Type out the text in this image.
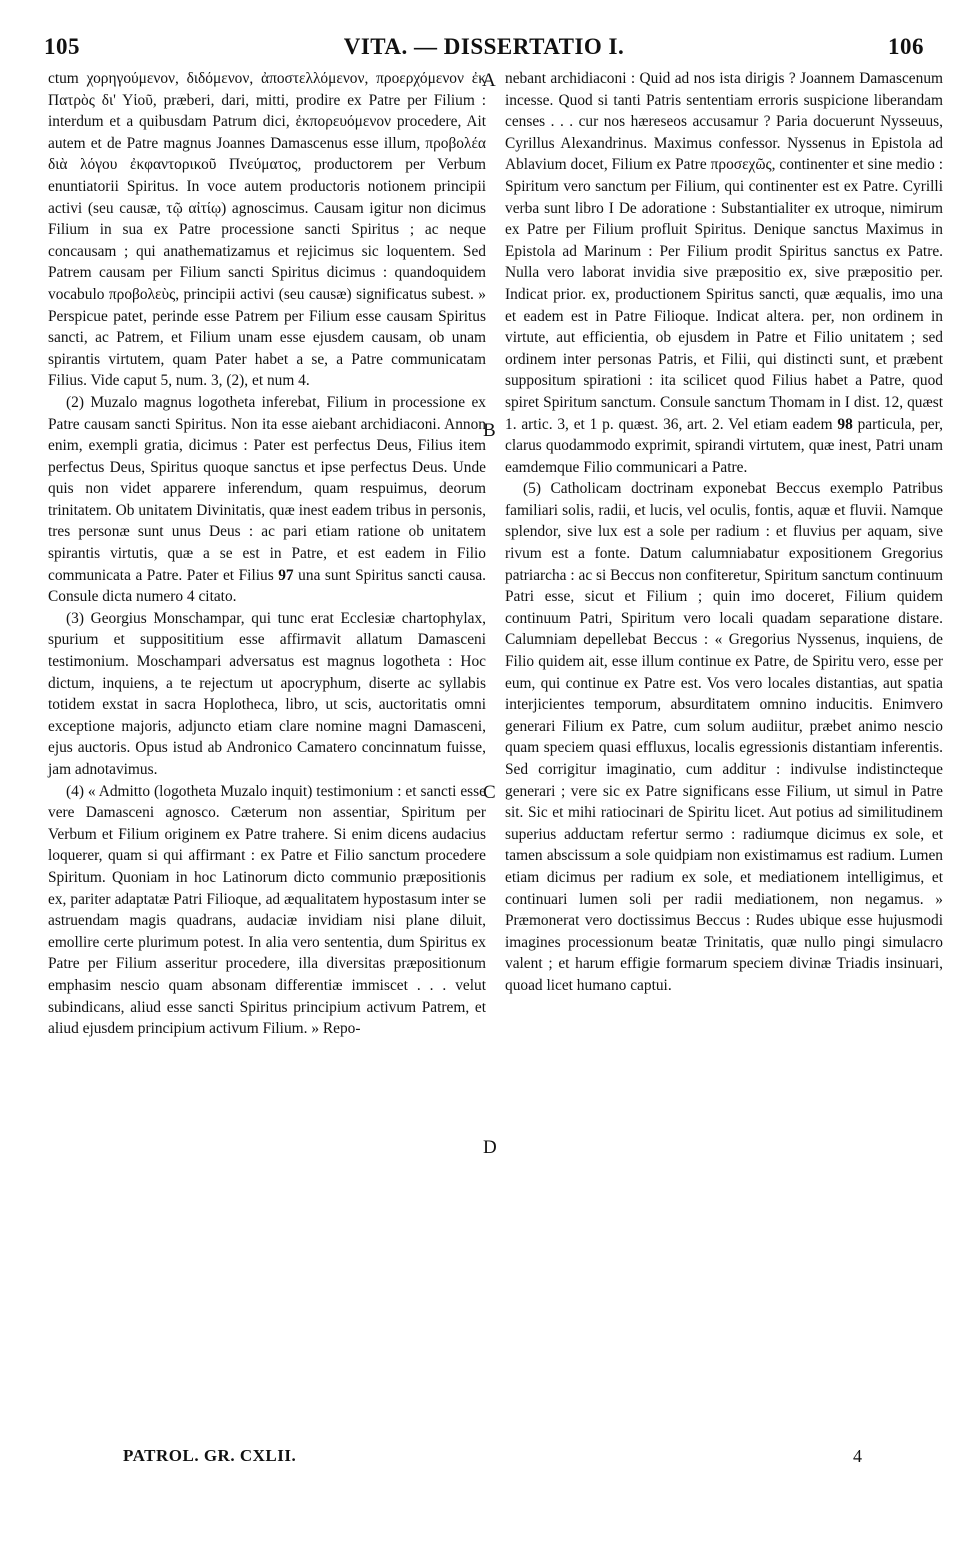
105	VITA. — DISSERTATIO I.	106

ctum χορηγούμενον, διδόμενον, ἀποστελλόμενον, προερχόμενον ἐκ Πατρὸς δι' Υἱοῦ, præberi, dari, mitti, prodire ex Patre per Filium : interdum et a quibusdam Patrum dici, ἐκπορευόμενον procedere, Ait autem et de Patre magnus Joannes Damascenus esse illum, προβολέα διὰ λόγου ἐκφαντορικοῦ Πνεύματος, productorem per Verbum enuntiatorii Spiritus. In voce autem productoris notionem principii activi (seu causæ, τῷ αἰτίῳ) agnoscimus. Causam igitur non dicimus Filium in sua ex Patre processione sancti Spiritus ; ac neque concausam ; qui anathematizamus et rejicimus sic loquentem. Sed Patrem causam per Filium sancti Spiritus dicimus : quandoquidem vocabulo προβολεὺς, principii activi (seu causæ) significatus subest. » Perspicue patet, perinde esse Patrem per Filium esse causam Spiritus sancti, ac Patrem, et Filium unam esse ejusdem causam, ob unam spirantis virtutem, quam Pater habet a se, a Patre communicatam Filius. Vide caput 5, num. 3, (2), et num 4.

(2) Muzalo magnus logotheta inferebat, Filium in processione ex Patre causam sancti Spiritus. Non ita esse aiebant archidiaconi. Annon enim, exempli gratia, dicimus : Pater est perfectus Deus, Filius item perfectus Deus, Spiritus quoque sanctus et ipse perfectus Deus. Unde quis non videt apparere inferendum, quam respuimus, deorum trinitatem. Ob unitatem Divinitatis, quæ inest eadem tribus in personis, tres personæ sunt unus Deus : ac pari etiam ratione ob unitatem spirantis virtutis, quæ a se est in Patre, et est eadem in Filio communicata a Patre. Pater et Filius 97 una sunt Spiritus sancti causa. Consule dicta numero 4 citato.

(3) Georgius Monschampar, qui tunc erat Ecclesiæ chartophylax, spurium et supposititium esse affirmavit allatum Damasceni testimonium. Moschampari adversatus est magnus logotheta : Hoc dictum, inquiens, a te rejectum ut apocryphum, diserte ac syllabis totidem exstat in sacra Hoplotheca, libro, ut scis, auctoritatis omni exceptione majoris, adjuncto etiam clare nomine magni Damasceni, ejus auctoris. Opus istud ab Andronico Camatero concinnatum fuisse, jam adnotavimus.

(4) « Admitto (logotheta Muzalo inquit) testimonium : et sancti esse vere Damasceni agnosco. Cæterum non assentiar, Spiritum per Verbum et Filium originem ex Patre trahere. Si enim dicens audacius loquerer, quam si qui affirmant : ex Patre et Filio sanctum procedere Spiritum. Quoniam in hoc Latinorum dicto communio præpositionis ex, pariter adaptatæ Patri Filioque, ad æqualitatem hypostasum inter se astruendam magis quadrans, audaciæ invidiam nisi plane diluit, emollire certe plurimum potest. In alia vero sententia, dum Spiritus ex Patre per Filium asseritur procedere, illa diversitas præpositionum emphasim nescio quam absonam differentiæ immiscet . . . velut subindicans, aliud esse sancti Spiritus principium activum Patrem, et aliud ejusdem principium activum Filium. » Repo-

A
B
C
D

nebant archidiaconi : Quid ad nos ista dirigis ? Joannem Damascenum incesse. Quod si tanti Patris sententiam erroris suspicione liberandam censes . . . cur nos hæreseos accusamur ? Paria docuerunt Nysseuus, Cyrillus Alexandrinus. Maximus confessor. Nyssenus in Epistola ad Ablavium docet, Filium ex Patre προσεχῶς, continenter et sine medio : Spiritum vero sanctum per Filium, qui continenter est ex Patre. Cyrilli verba sunt libro I De adoratione : Substantialiter ex utroque, nimirum ex Patre per Filium profluit Spiritus. Denique sanctus Maximus in Epistola ad Marinum : Per Filium prodit Spiritus sanctus ex Patre. Nulla vero laborat invidia sive præpositio ex, sive præpositio per. Indicat prior. ex, productionem Spiritus sancti, quæ æqualis, imo una et eadem est in Patre Filioque. Indicat altera. per, non ordinem in virtute, aut efficientia, ob ejusdem in Patre et Filio unitatem ; sed ordinem inter personas Patris, et Filii, qui distincti sunt, et præbent suppositum spirationi : ita scilicet quod Filius habet a Patre, quod spiret Spiritum sanctum. Consule sanctum Thomam in I dist. 12, quæst 1. artic. 3, et 1 p. quæst. 36, art. 2. Vel etiam eadem 98 particula, per, clarus quodammodo exprimit, spirandi virtutem, quæ inest, Patri unam eamdemque Filio communicari a Patre.

(5) Catholicam doctrinam exponebat Beccus exemplo Patribus familiari solis, radii, et lucis, vel oculis, fontis, aquæ et fluvii. Namque splendor, sive lux est a sole per radium : et fluvius per aquam, sive rivum est a fonte. Datum calumniabatur expositionem Gregorius patriarcha : ac si Beccus non confiteretur, Spiritum sanctum continuum Patri esse, sicut et Filium ; quin imo doceret, Filium quidem continuum Patri, Spiritum vero locali quadam separatione distare. Calumniam depellebat Beccus : « Gregorius Nyssenus, inquiens, de Filio quidem ait, esse illum continue ex Patre, de Spiritu vero, esse per eum, qui continue ex Patre est. Vos vero locales distantias, aut spatia interjicientes temporum, absurditatem omnino inducitis. Enimvero generari Filium ex Patre, cum solum audiitur, præbet animo nescio quam speciem quasi effluxus, localis egressionis distantiam inferentis. Sed corrigitur imaginatio, cum additur : indivulse indistincteque generari ; vere sic ex Patre significans esse Filium, ut simul in Patre sit. Sic et mihi ratiocinari de Spiritu licet. Aut potius ad similitudinem superius adductam refertur sermo : radiumque dicimus ex sole, et tamen abscissum a sole quidpiam non existimamus est radium. Lumen etiam dicimus per radium ex sole, et mediationem intelligimus, et continuari lumen soli per radii mediationem, non negamus. » Præmonerat vero doctissimus Beccus : Rudes ubique esse hujusmodi imagines processionum beatæ Trinitatis, quæ nullo pingi simulacro valent ; et harum effigie formarum speciem divinæ Triadis insinuari, quoad licet humano captui.

PATROL. GR. CXLII.	4
